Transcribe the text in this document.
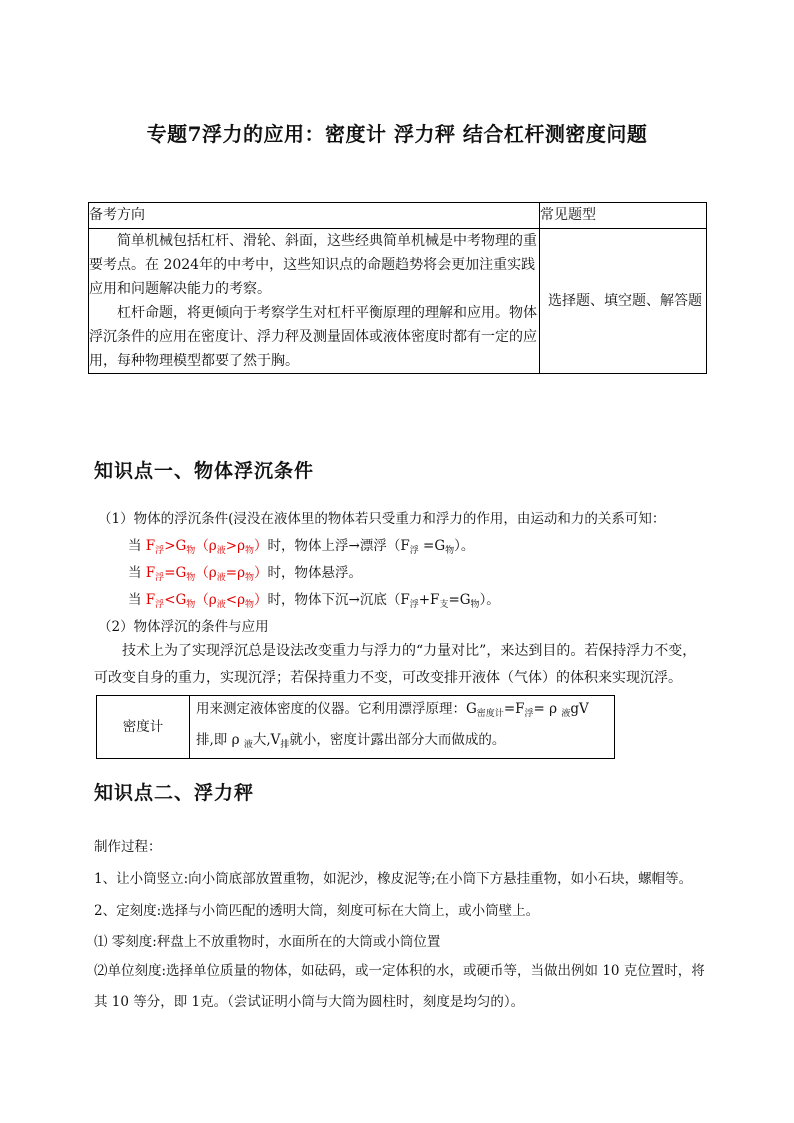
专题7浮力的应用：密度计 浮力秤 结合杠杆测密度问题
备考方向	常见题型

简单机械包括杠杆、滑轮、斜面，这些经典简单机械是中考物理的重要考点。在 2024年的中考中，这些知识点的命题趋势将会更加注重实践应用和问题解决能力的考察。

杠杆命题，将更倾向于考察学生对杠杆平衡原理的理解和应用。物体浮沉条件的应用在密度计、浮力秤及测量固体或液体密度时都有一定的应用，每种物理模型都要了然于胸。	选择题、填空题、解答题
知识点一、物体浮沉条件
（1）物体的浮沉条件(浸没在液体里的物体若只受重力和浮力的作用，由运动和力的关系可知：
当 $F_浮>G_物(\rho_液>\rho_物)$时，物体上浮→漂浮$(F_浮 =G_物)$。
当 $F_浮=G_物(\rho_液=\rho_物)$时，物体悬浮。
当 $F_浮<G_物(\rho_液<\rho_物)$时，物体下沉→沉底$(F_浮+F_支=G_物)$。
（2）物体浮沉的条件与应用

技术上为了实现浮沉总是设法改变重力与浮力的“力量对比”，来达到目的。若保持浮力不变，可改变自身的重力，实现沉浮；若保持重力不变，可改变排开液体（气体）的体积来实现沉浮。

密度计	用来测定液体密度的仪器。它利用漂浮原理：$G_{密度计}=F_浮= \rho$ $_液$gV
排,即 ρ $_液$大$,V_排$就小，密度计露出部分大而做成的。
知识点二、浮力秤
制作过程：
1、让小筒竖立:向小筒底部放置重物，如泥沙，橡皮泥等;在小筒下方悬挂重物，如小石块，螺帽等。
2、定刻度:选择与小筒匹配的透明大筒，刻度可标在大筒上，或小筒壁上。
⑴ 零刻度:秤盘上不放重物时，水面所在的大筒或小筒位置

⑵单位刻度:选择单位质量的物体，如砝码，或一定体积的水，或硬币等，当做出例如 10 克位置时，将其 10 等分，即 1克。（尝试证明小筒与大筒为圆柱时，刻度是均匀的）。
